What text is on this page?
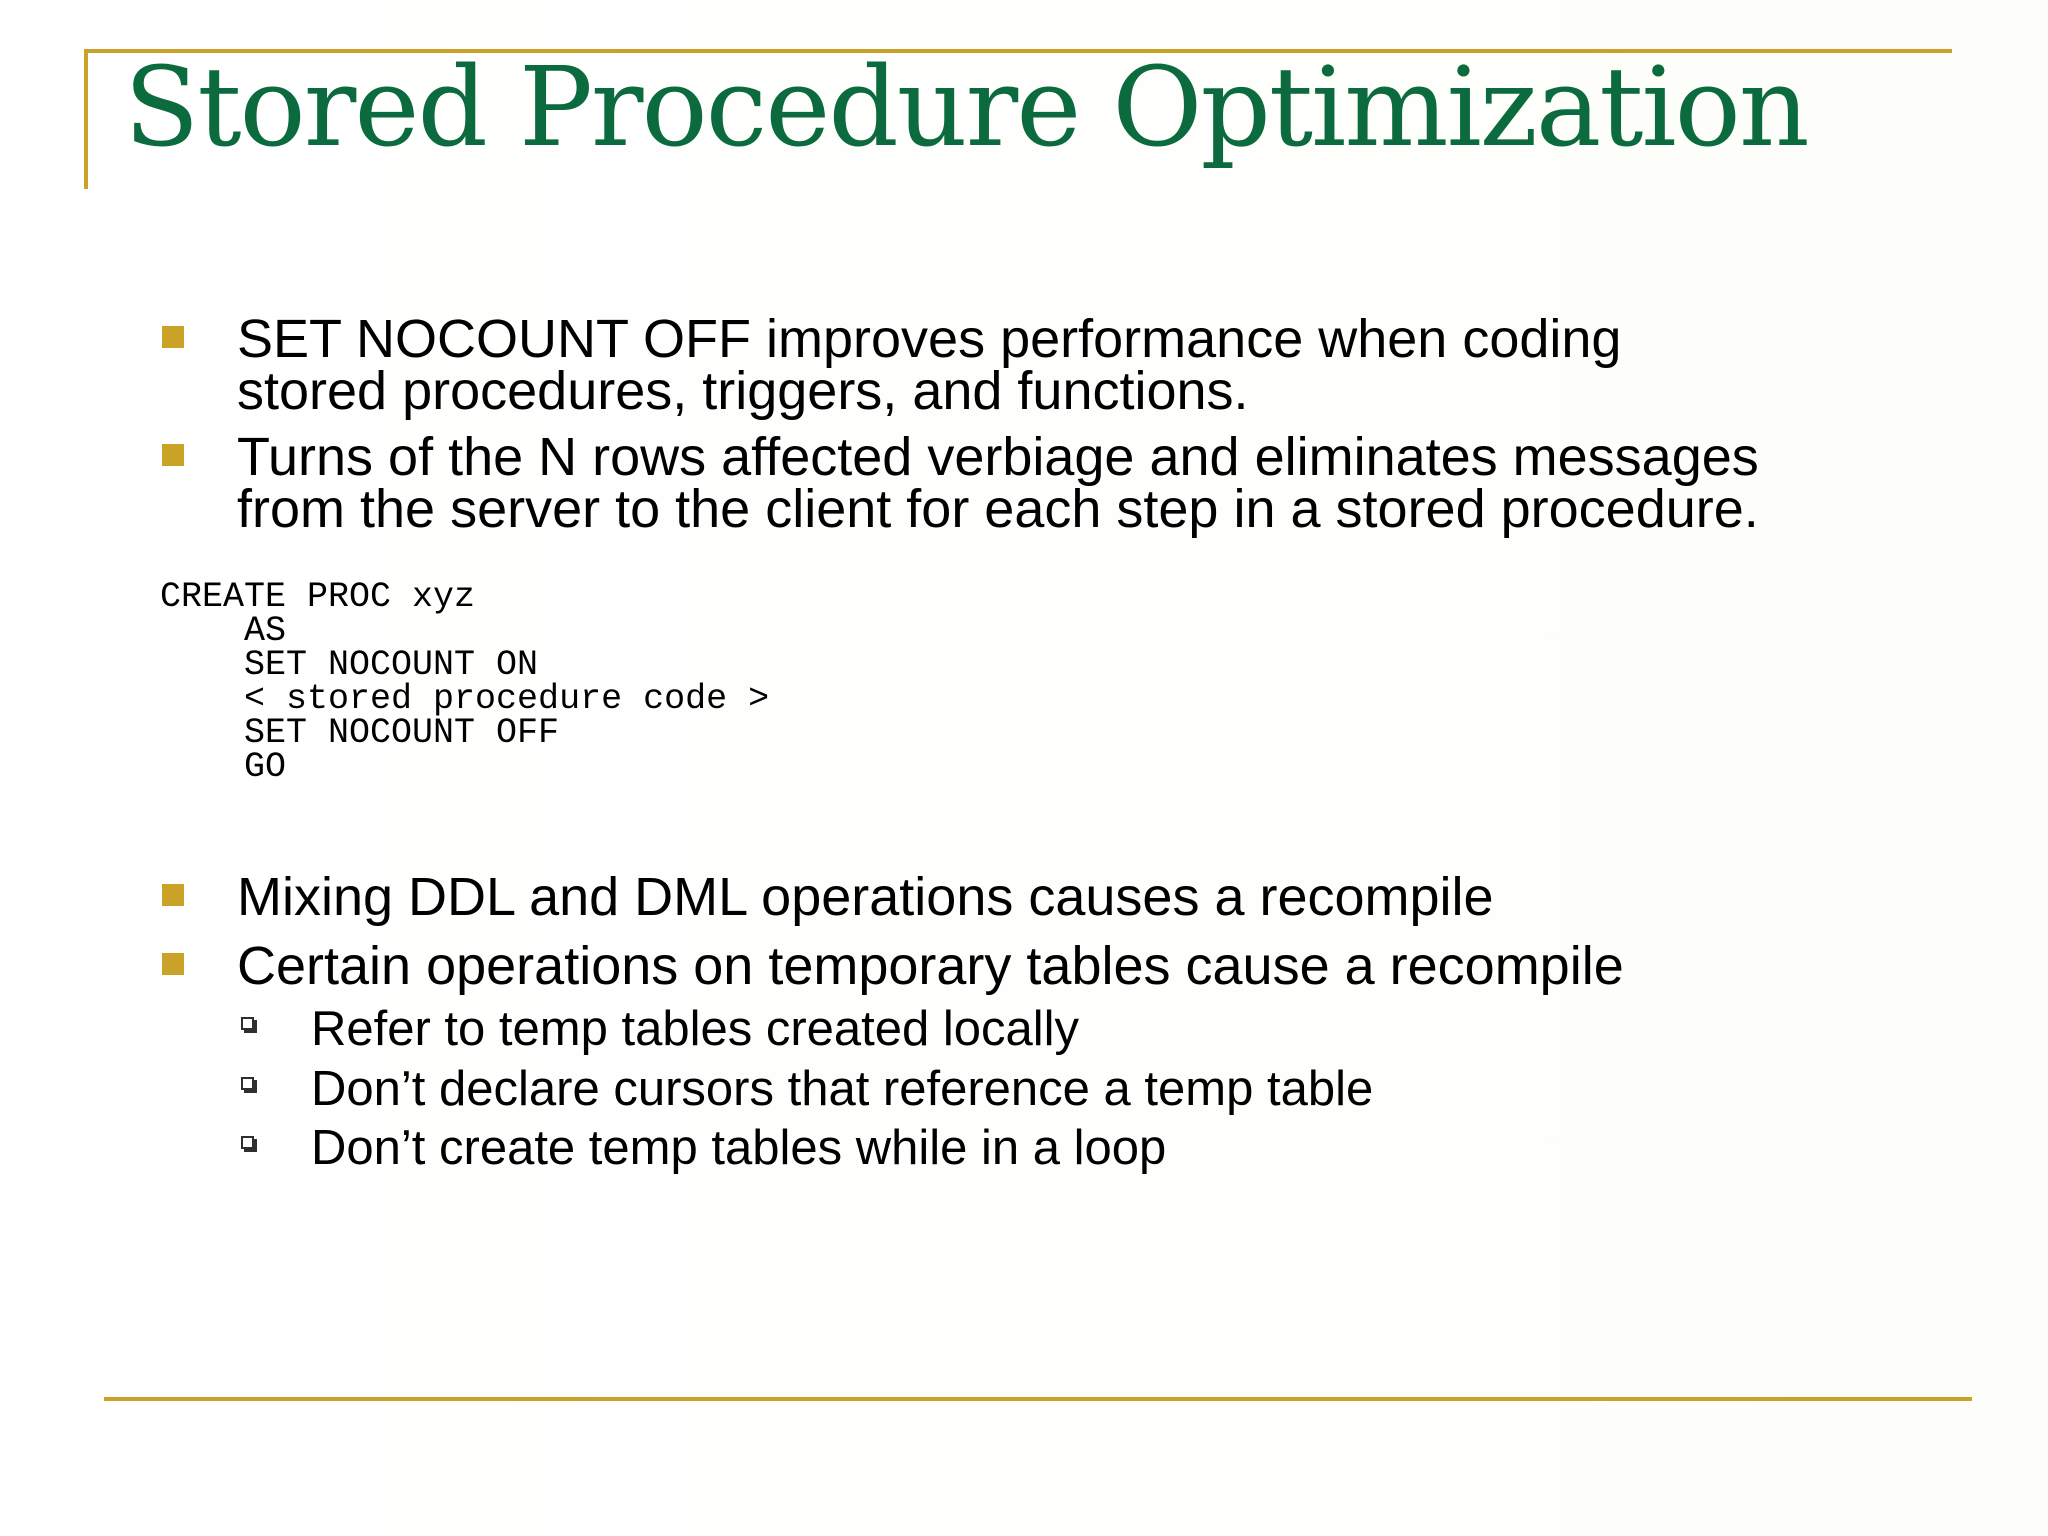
Stored Procedure Optimization
SET NOCOUNT OFF improves performance when coding
stored procedures, triggers, and functions.
Turns of the N rows affected verbiage and eliminates messages
from the server to the client for each step in a stored procedure.
CREATE PROC xyz
AS
SET NOCOUNT ON
< stored procedure code >
SET NOCOUNT OFF
GO
Mixing DDL and DML operations causes a recompile
Certain operations on temporary tables cause a recompile
Refer to temp tables created locally
Don’t declare cursors that reference a temp table
Don’t create temp tables while in a loop
